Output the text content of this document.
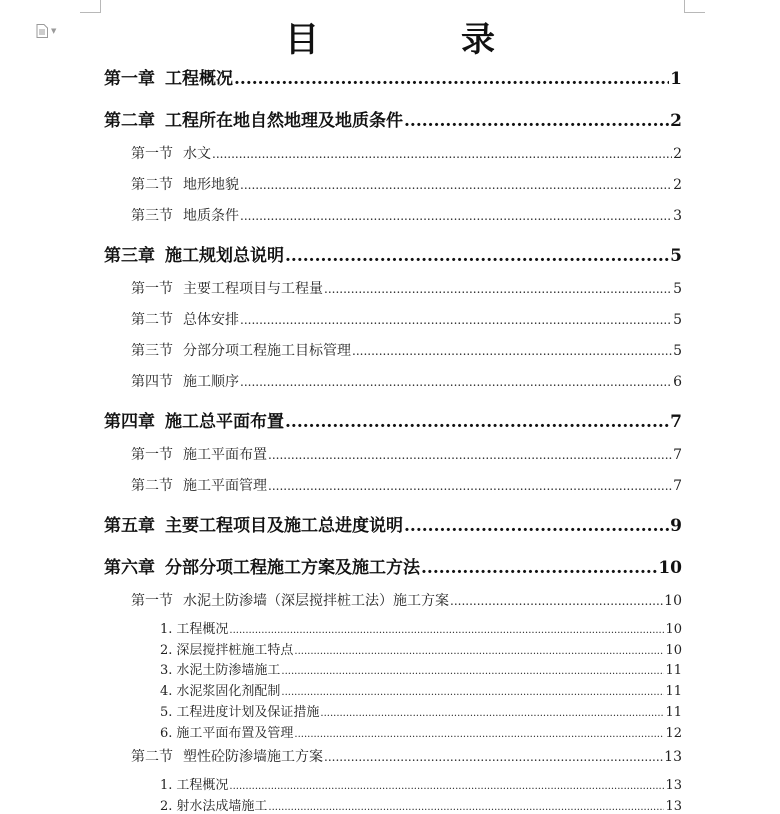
▼	目　录
第一章 工程概况 .....	1
第二章 工程所在地自然地理及地质条件 .....	2
第一节 水文 .....	2
第二节 地形地貌 .....	2
第三节 地质条件 .....	3
第三章 施工规划总说明 .....	5
第一节 主要工程项目与工程量 .....	5
第二节 总体安排 .....	5
第三节 分部分项工程施工目标管理 .....	5
第四节 施工顺序 .....	6
第四章 施工总平面布置 .....	7
第一节 施工平面布置 .....	7
第二节 施工平面管理 .....	7
第五章 主要工程项目及施工总进度说明 .....	9
第六章 分部分项工程施工方案及施工方法 .....	10
第一节 水泥土防渗墙（深层搅拌桩工法）施工方案 .....	10
1. 工程概况 .....	10
2. 深层搅拌桩施工特点 .....	10
3. 水泥土防渗墙施工 .....	11
4. 水泥浆固化剂配制 .....	11
5. 工程进度计划及保证措施 .....	11
6. 施工平面布置及管理 .....	12
第二节 塑性砼防渗墙施工方案 .....	13
1. 工程概况 .....	13
2. 射水法成墙施工 .....	13
